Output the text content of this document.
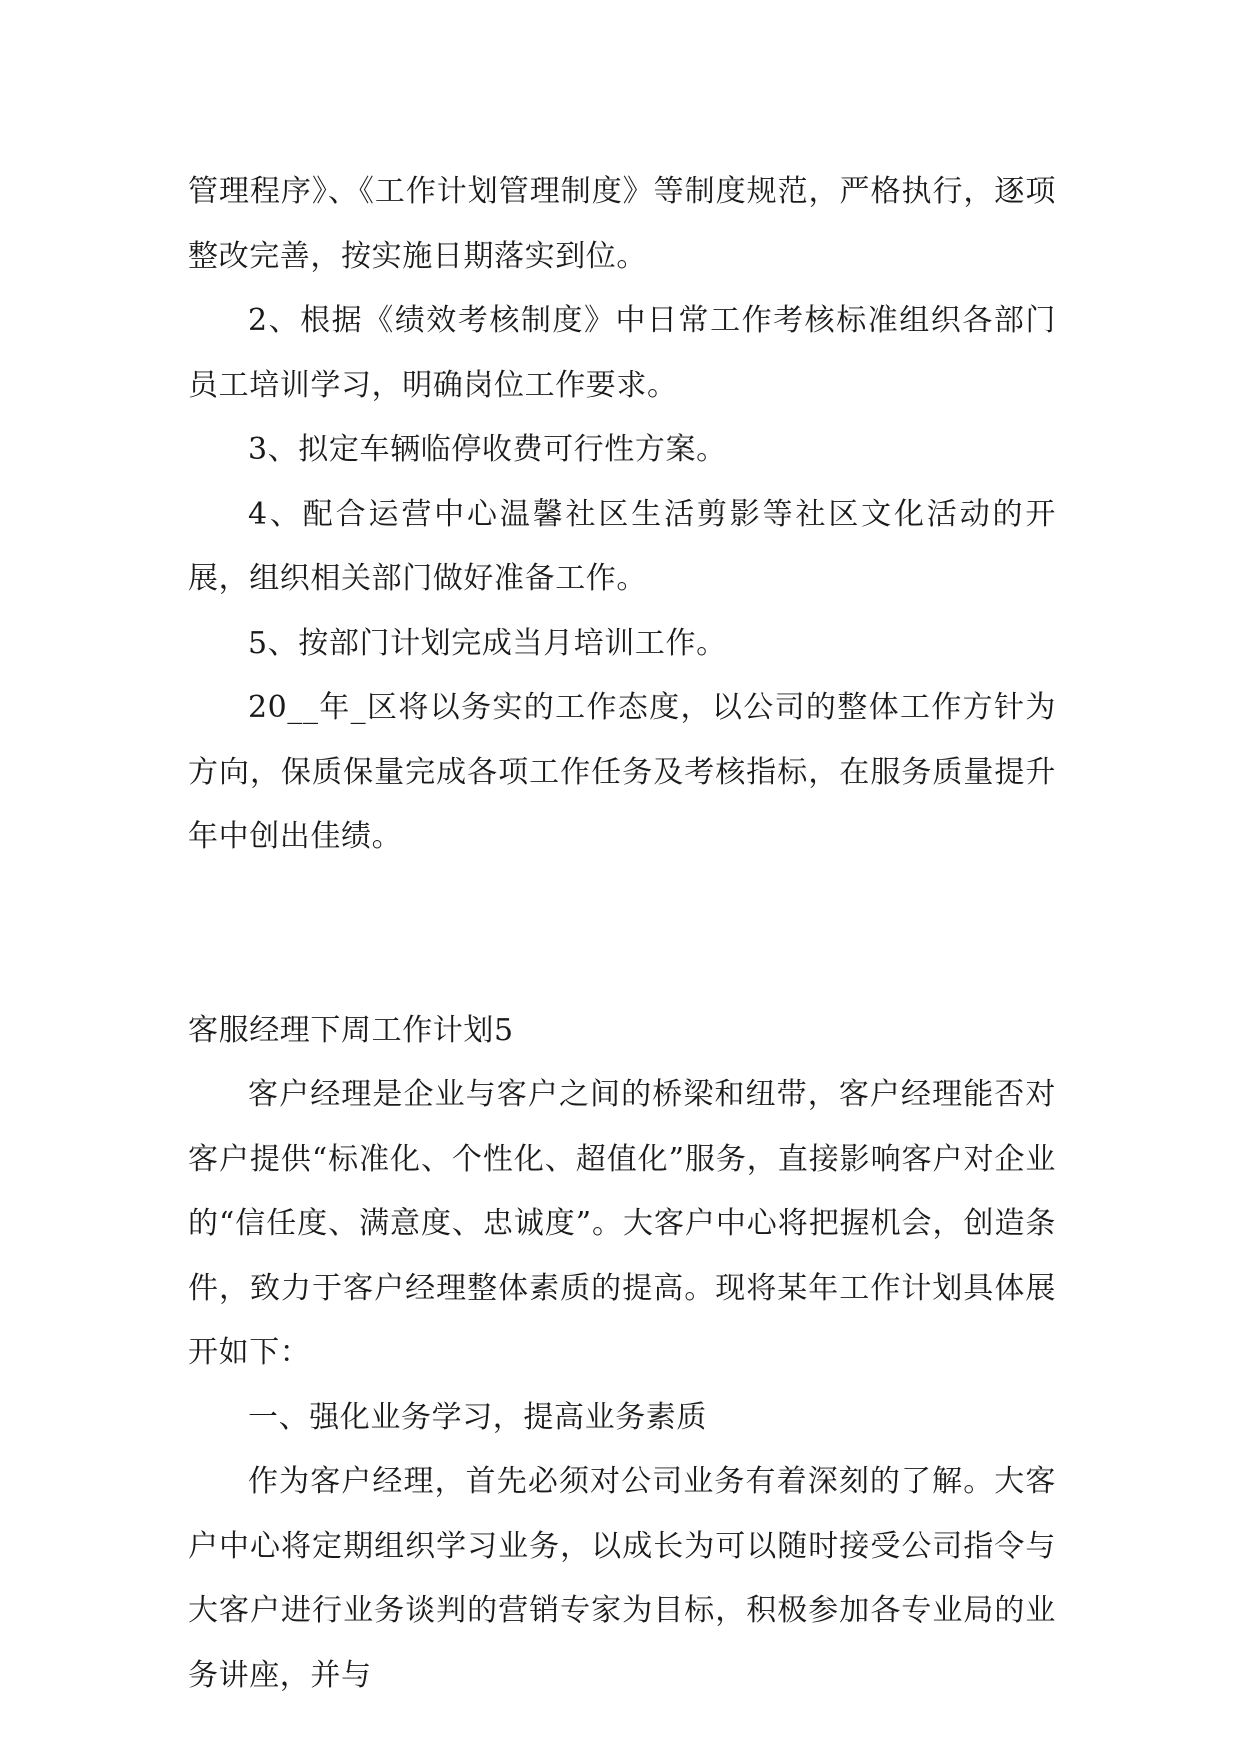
管理程序》、《工作计划管理制度》等制度规范，严格执行，逐项整改完善，按实施日期落实到位。

2、根据《绩效考核制度》中日常工作考核标准组织各部门员工培训学习，明确岗位工作要求。

3、拟定车辆临停收费可行性方案。

4、配合运营中心温馨社区生活剪影等社区文化活动的开展，组织相关部门做好准备工作。

5、按部门计划完成当月培训工作。

20__年_区将以务实的工作态度，以公司的整体工作方针为方向，保质保量完成各项工作任务及考核指标，在服务质量提升年中创出佳绩。

客服经理下周工作计划5

客户经理是企业与客户之间的桥梁和纽带，客户经理能否对客户提供“标准化、个性化、超值化”服务，直接影响客户对企业的“信任度、满意度、忠诚度”。大客户中心将把握机会，创造条件，致力于客户经理整体素质的提高。现将某年工作计划具体展开如下：

一、强化业务学习，提高业务素质

作为客户经理，首先必须对公司业务有着深刻的了解。大客户中心将定期组织学习业务，以成长为可以随时接受公司指令与大客户进行业务谈判的营销专家为目标，积极参加各专业局的业务讲座，并与
